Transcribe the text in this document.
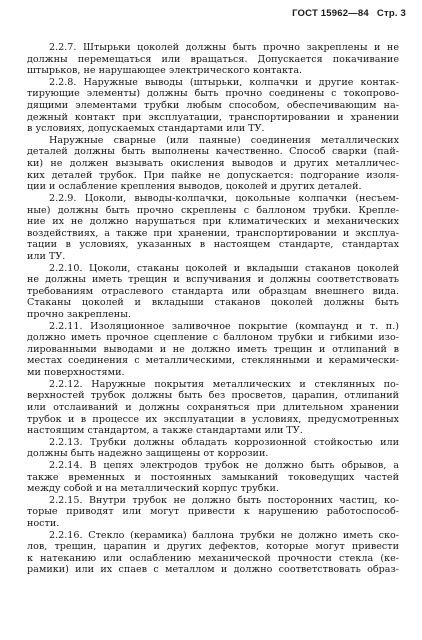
ГОСТ 15962—84 Стр. 3
2.2.7. Штырьки цоколей должны быть прочно закреплены и не
должны перемещаться или вращаться. Допускается покачивание
штырьков, не нарушающее электрического контакта.
2.2.8. Наружные выводы (штырьки, колпачки и другие контак-
тирующие элементы) должны быть прочно соединены с токопрово-
дящими элементами трубки любым способом, обеспечивающим на-
дежный контакт при эксплуатации, транспортировании и хранении
в условиях, допускаемых стандартами или ТУ.
Наружные сварные (или паяные) соединения металлических
деталей должны быть выполнены качественно. Способ сварки (пай-
ки) не должен вызывать окисления выводов и других металличес-
ких деталей трубок. При пайке не допускается: подгорание изоля-
ции и ослабление крепления выводов, цоколей и других деталей.
2.2.9. Цоколи, выводы-колпачки, цокольные колпачки (несъем-
ные) должны быть прочно скреплены с баллоном трубки. Крепле-
ние их не должно нарушаться при климатических и механических
воздействиях, а также при хранении, транспортировании и эксплуа-
тации в условиях, указанных в настоящем стандарте, стандартах
или ТУ.
2.2.10. Цоколи, стаканы цоколей и вкладыши стаканов цоколей
не должны иметь трещин и вспучивания и должны соответствовать
требованиям отраслевого стандарта или образцам внешнего вида.
Стаканы цоколей и вкладыши стаканов цоколей должны быть
прочно закреплены.
2.2.11. Изоляционное заливочное покрытие (компаунд и т. п.)
должно иметь прочное сцепление с баллоном трубки и гибкими изо-
лированными выводами и не должно иметь трещин и отлипаний в
местах соединения с металлическими, стеклянными и керамически-
ми поверхностями.
2.2.12. Наружные покрытия металлических и стеклянных по-
верхностей трубок должны быть без просветов, царапин, отлипаний
или отслаиваний и должны сохраняться при длительном хранении
трубок и в процессе их эксплуатации в условиях, предусмотренных
настоящим стандартом, а также стандартами или ТУ.
2.2.13. Трубки должны обладать коррозионной стойкостью или
должны быть надежно защищены от коррозии.
2.2.14. В цепях электродов трубок не должно быть обрывов, а
также временных и постоянных замыканий токоведущих частей
между собой и на металлический корпус трубки.
2.2.15. Внутри трубок не должно быть посторонних частиц, ко-
торые приводят или могут привести к нарушению работоспособ-
ности.
2.2.16. Стекло (керамика) баллона трубки не должно иметь ско-
лов, трещин, царапин и других дефектов, которые могут привести
к натеканию или ослаблению механической прочности стекла (ке-
рамики) или их спаев с металлом и должно соответствовать образ-
